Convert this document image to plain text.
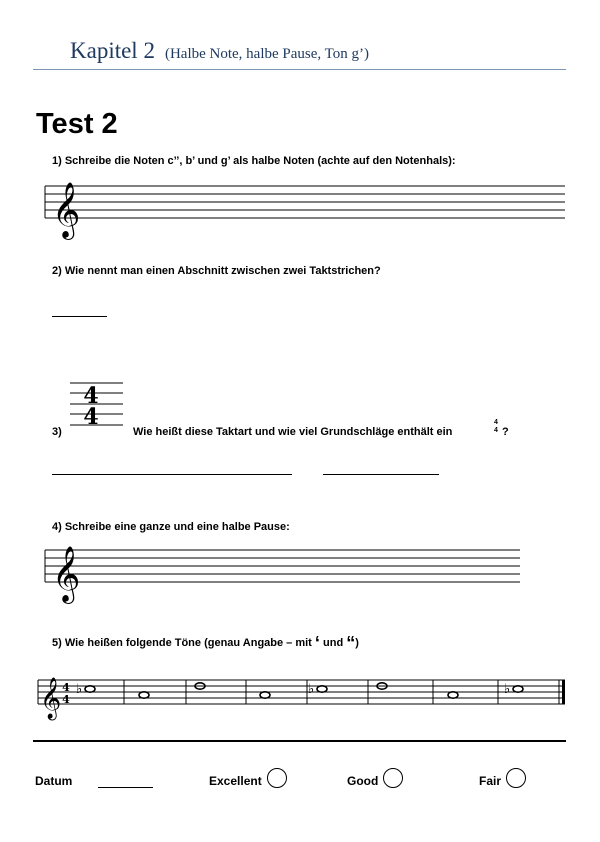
Kapitel 2 (Halbe Note, halbe Pause, Ton g’)
Test 2
1) Schreibe die Noten c’’, b’ und g’ als halbe Noten (achte auf den Notenhals):
𝄞
2) Wie nennt man einen Abschnitt zwischen zwei Taktstrichen?
4
4
3)	Wie heißt diese Taktart und wie viel Grundschläge enthält ein
4
4 ?
4) Schreibe eine ganze und eine halbe Pause:
𝄞
5) Wie heißen folgende Töne (genau Angabe – mit ‘ und “)
𝄞 4
4
♭	♭	♭
Datum	Excellent	Good	Fair
